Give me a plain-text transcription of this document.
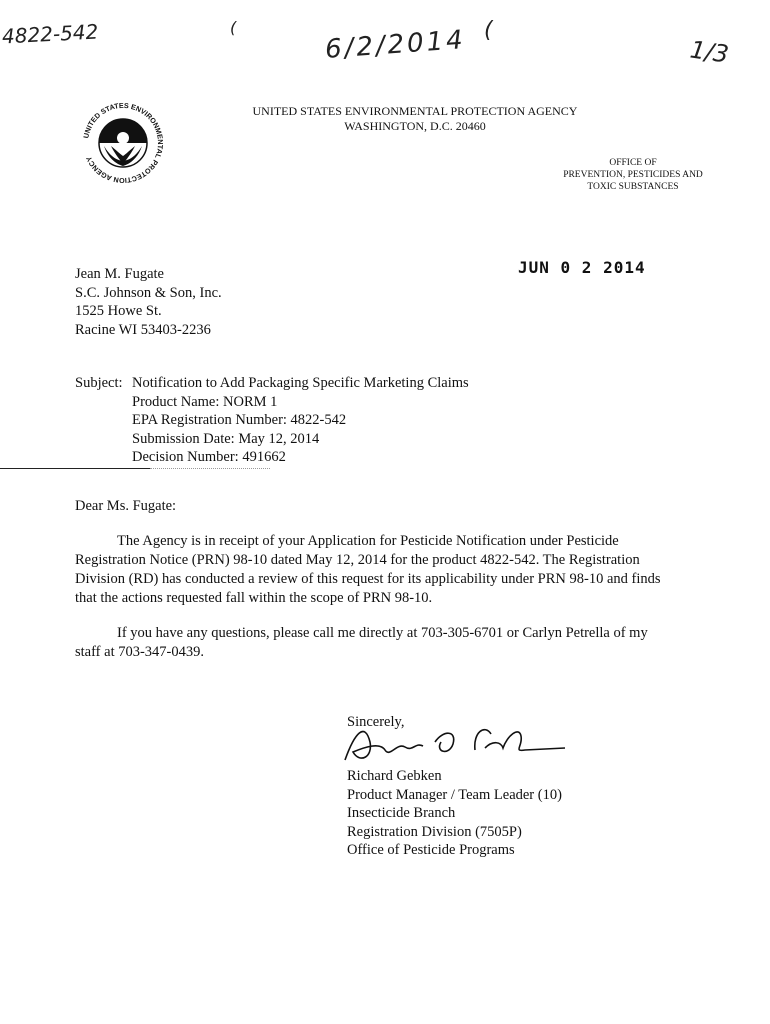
4822-542	6/2/2014	1/3
(	(
UNITED STATES ENVIRONMENTAL PROTECTION AGENCY
UNITED STATES ENVIRONMENTAL PROTECTION AGENCY
WASHINGTON, D.C. 20460
OFFICE OF
PREVENTION, PESTICIDES AND
TOXIC SUBSTANCES
JUN 0 2 2014
Jean M. Fugate
S.C. Johnson & Son, Inc.
1525 Howe St.
Racine WI 53403-2236
Subject: Notification to Add Packaging Specific Marketing Claims
Product Name: NORM 1
EPA Registration Number: 4822-542
Submission Date: May 12, 2014
Decision Number: 491662
Dear Ms. Fugate:
The Agency is in receipt of your Application for Pesticide Notification under Pesticide Registration Notice (PRN) 98-10 dated May 12, 2014 for the product 4822-542. The Registration Division (RD) has conducted a review of this request for its applicability under PRN 98-10 and finds that the actions requested fall within the scope of PRN 98-10.
If you have any questions, please call me directly at 703-305-6701 or Carlyn Petrella of my staff at 703-347-0439.
Sincerely,
Richard Gebken
Product Manager / Team Leader (10)
Insecticide Branch
Registration Division (7505P)
Office of Pesticide Programs
